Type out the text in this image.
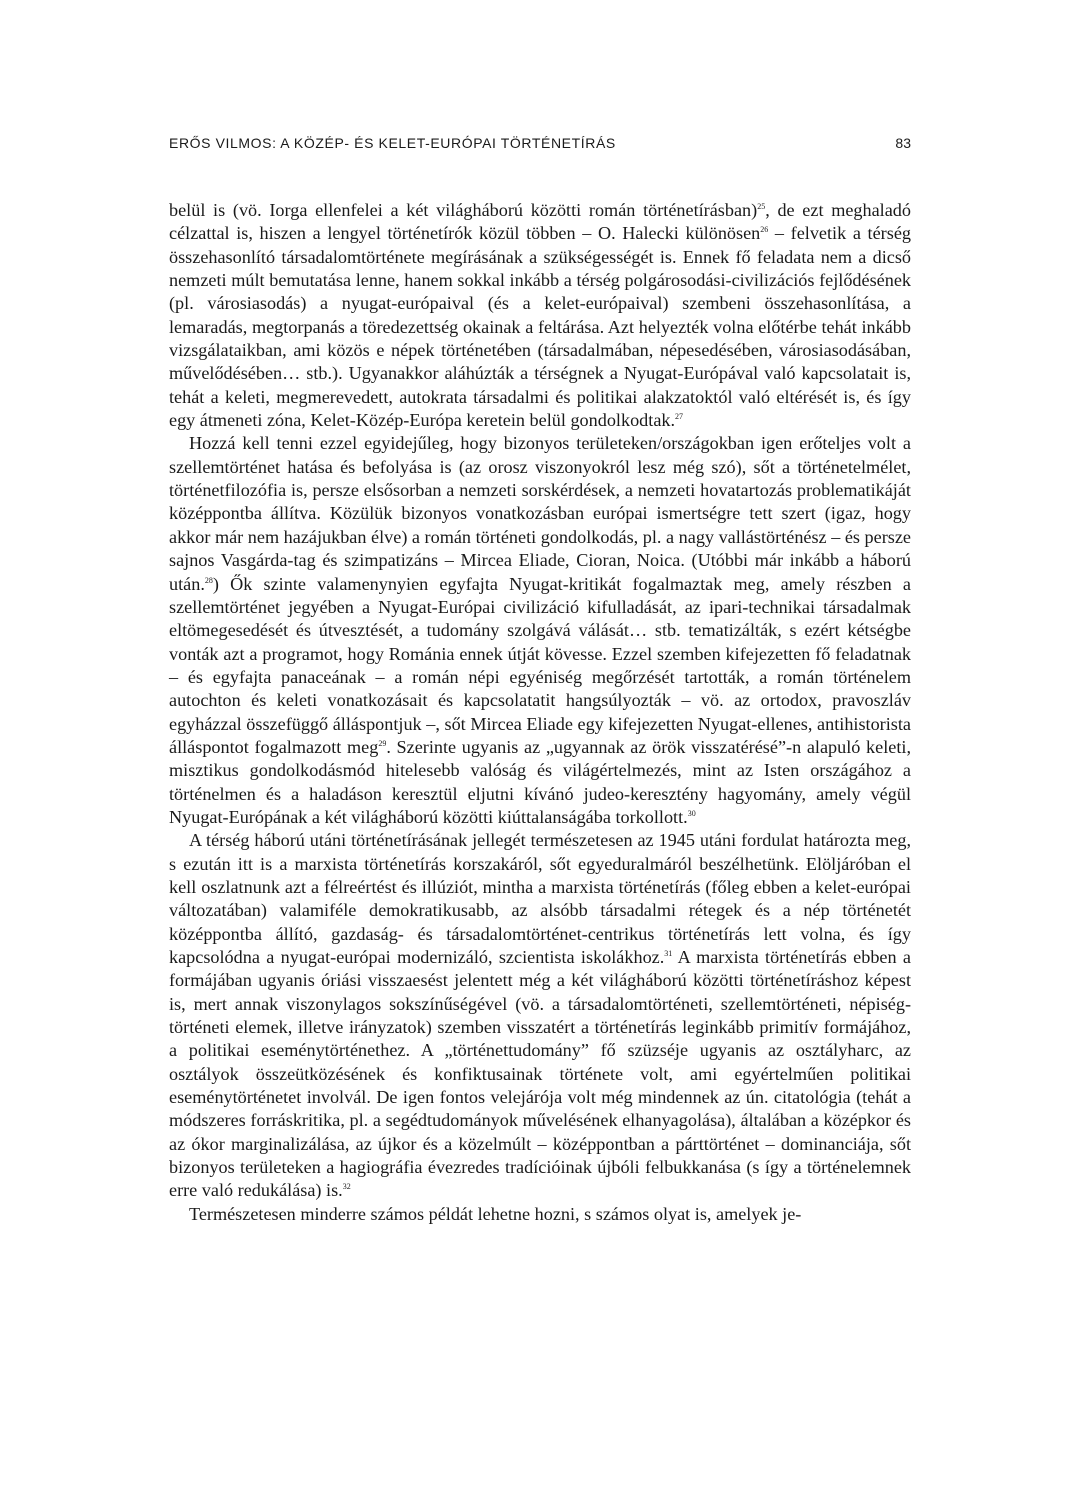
ERŐS VILMOS: A KÖZÉP- ÉS KELET-EURÓPAI TÖRTÉNETÍRÁS	83

belül is (vö. Iorga ellenfelei a két világháború közötti román történetírásban)$^{25}$, de ezt meghaladó célzattal is, hiszen a lengyel történetírók közül többen – O. Halecki különösen$^{26}$ – felvetik a térség összehasonlító társadalomtörténete megírásának a szükségességét is. Ennek fő feladata nem a dicső nemzeti múlt bemutatása lenne, hanem sokkal inkább a térség polgárosodási-civilizációs fejlődésének (pl. városiasodás) a nyugat-európaival (és a kelet-európaival) szembeni összehasonlítása, a lemaradás, megtorpanás a töredezettség okainak a feltárása. Azt helyezték volna előtérbe tehát inkább vizsgálataikban, ami közös e népek történetében (társadalmában, népesedésében, városiasodásában, művelődésében… stb.). Ugyanakkor aláhúzták a térségnek a Nyugat-Európával való kapcsolatait is, tehát a keleti, megmerevedett, autokrata társadalmi és politikai alakzatoktól való eltérését is, és így egy átmeneti zóna, Kelet-Közép-Európa keretein belül gondolkodtak.$^{27}$

Hozzá kell tenni ezzel egyidejűleg, hogy bizonyos területeken/országokban igen erőteljes volt a szellemtörténet hatása és befolyása is (az orosz viszonyokról lesz még szó), sőt a történetelmélet, történetfilozófia is, persze elsősorban a nemzeti sorskérdések, a nemzeti hovatartozás problematikáját középpontba állítva. Közülük bizonyos vonatkozásban európai ismertségre tett szert (igaz, hogy akkor már nem hazájukban élve) a román történeti gondolkodás, pl. a nagy vallástörténész – és persze sajnos Vasgárda-tag és szimpatizáns – Mircea Eliade, Cioran, Noica. (Utóbbi már inkább a háború után.$^{28}$) Ők szinte valamenynyien egyfajta Nyugat-kritikát fogalmaztak meg, amely részben a szellemtörténet jegyében a Nyugat-Európai civilizáció kifulladását, az ipari-technikai társadalmak eltömegesedését és útvesztését, a tudomány szolgává válását… stb. tematizálták, s ezért kétségbe vonták azt a programot, hogy Románia ennek útját kövesse. Ezzel szemben kifejezetten fő feladatnak – és egyfajta panaceának – a román népi egyéniség megőrzését tartották, a román történelem autochton és keleti vonatkozásait és kapcsolatatit hangsúlyozták – vö. az ortodox, pravoszláv egyházzal összefüggő álláspontjuk –, sőt Mircea Eliade egy kifejezetten Nyugat-ellenes, antihistorista álláspontot fogalmazott meg$^{29}$. Szerinte ugyanis az „ugyannak az örök visszatérésé”-n alapuló keleti, misztikus gondolkodásmód hitelesebb valóság és világértelmezés, mint az Isten országához a történelmen és a haladáson keresztül eljutni kívánó judeo-keresztény hagyomány, amely végül Nyugat-Európának a két világháború közötti kiúttalanságába torkollott.$^{30}$

A térség háború utáni történetírásának jellegét természetesen az 1945 utáni fordulat határozta meg, s ezután itt is a marxista történetírás korszakáról, sőt egyeduralmáról beszélhetünk. Elöljáróban el kell oszlatnunk azt a félreértést és illúziót, mintha a marxista történetírás (főleg ebben a kelet-európai változatában) valamiféle demokratikusabb, az alsóbb társadalmi rétegek és a nép történetét középpontba állító, gazdaság- és társadalomtörténet-centrikus történetírás lett volna, és így kapcsolódna a nyugat-európai modernizáló, szcientista iskolákhoz.$^{31}$ A marxista történetírás ebben a formájában ugyanis óriási visszaesést jelentett még a két világháború közötti történetíráshoz képest is, mert annak viszonylagos sokszínűségével (vö. a társadalomtörténeti, szellemtörténeti, népiségtörténeti elemek, illetve irányzatok) szemben visszatért a történetírás leginkább primitív formájához, a politikai eseménytörténethez. A „történettudomány” fő szüzséje ugyanis az osztályharc, az osztályok összeütközésének és konfiktusainak története volt, ami egyértelműen politikai eseménytörténetet involvál. De igen fontos velejárója volt még mindennek az ún. citatológia (tehát a módszeres forráskritika, pl. a segédtudományok művelésének elhanyagolása), általában a középkor és az ókor marginalizálása, az újkor és a közelmúlt – középpontban a párttörténet – dominanciája, sőt bizonyos területeken a hagiográfia évezredes tradícióinak újbóli felbukkanása (s így a történelemnek erre való redukálása) is.$^{32}$

Természetesen minderre számos példát lehetne hozni, s számos olyat is, amelyek je-
